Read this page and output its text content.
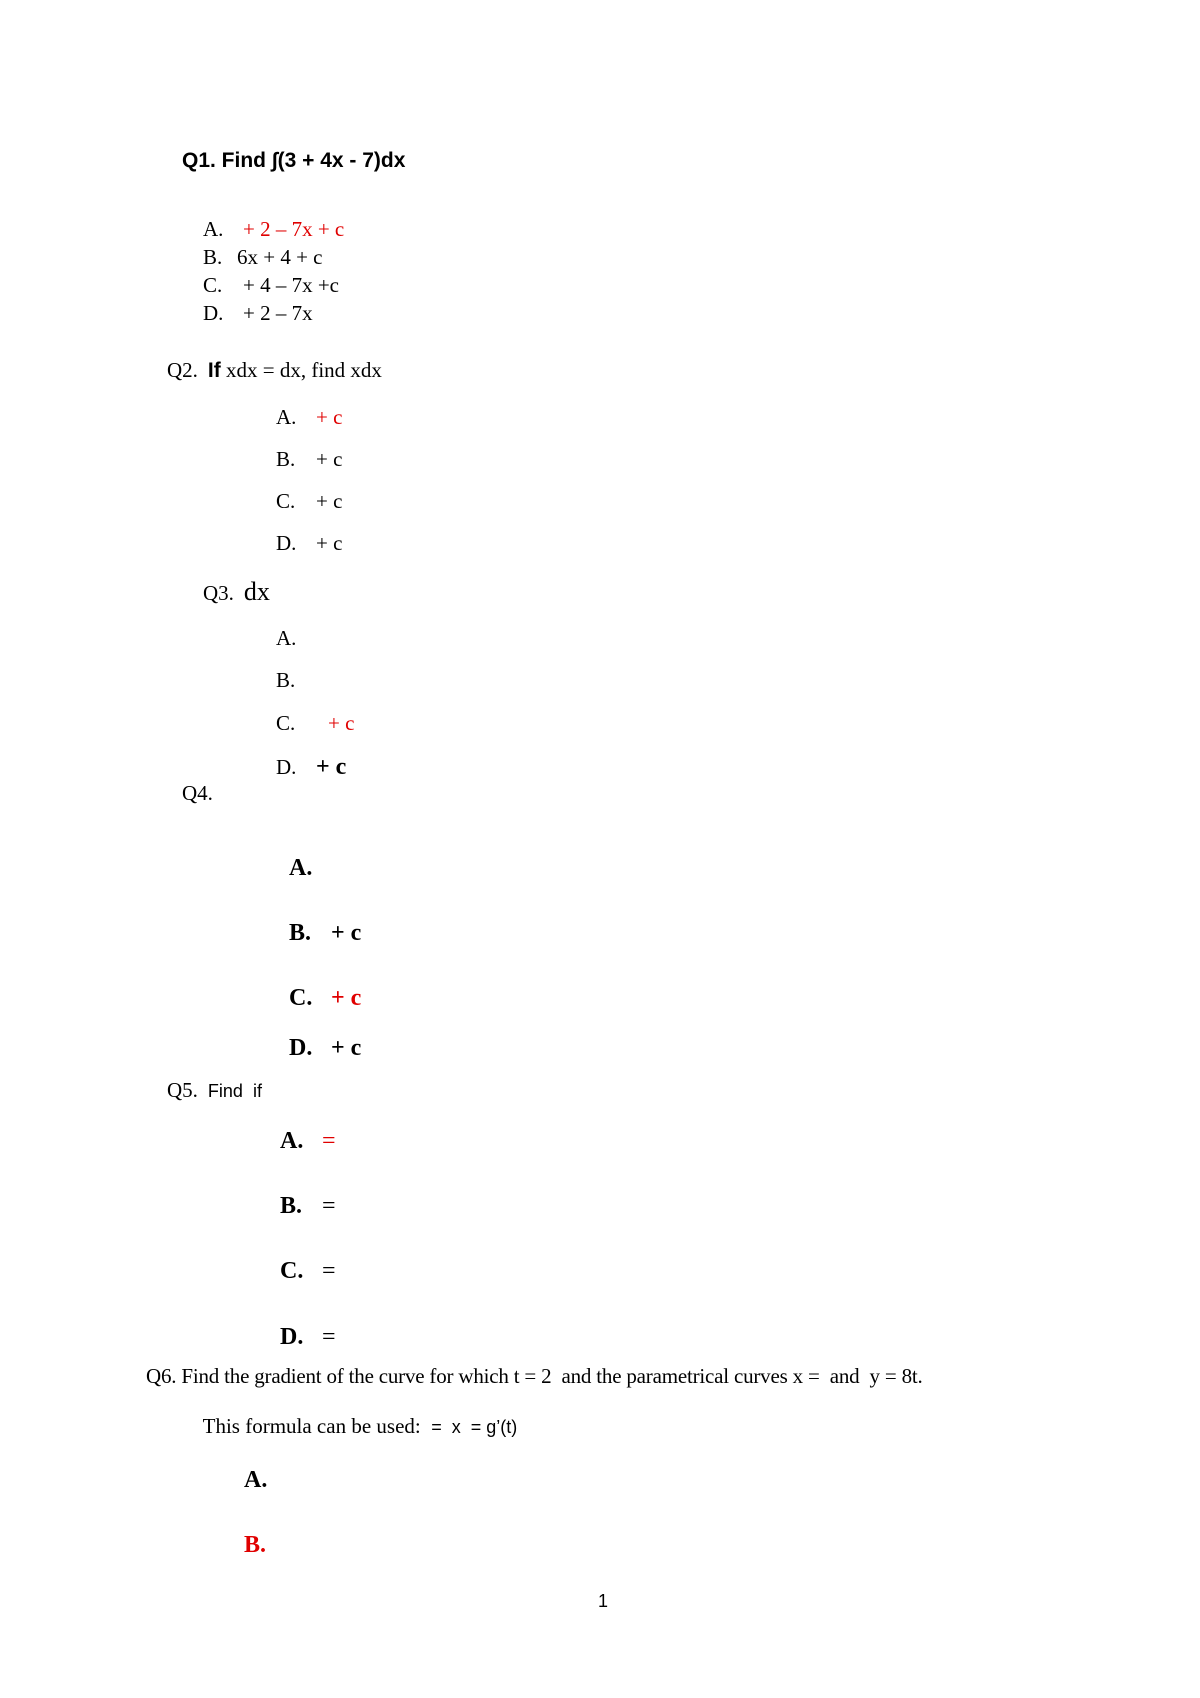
Q1. Find ∫(3 + 4x - 7)dx

A. + 2 – 7x + c

B. 6x + 4 + c

C. + 4 – 7x +c

D. + 2 – 7x

Q2. If xdx = dx, find xdx

A. + c

B. + c

C. + c

D. + c

Q3. dx

A.

B.

C. + c

D. + c

Q4.

A.

B. + c

C. + c

D. + c

Q5. Find  if

A. =

B. =

C. =

D. =

Q6. Find the gradient of the curve for which t = 2  and the parametrical curves x =  and  y = 8t.

This formula can be used: =  x  = g’(t)

A.

B.

1
